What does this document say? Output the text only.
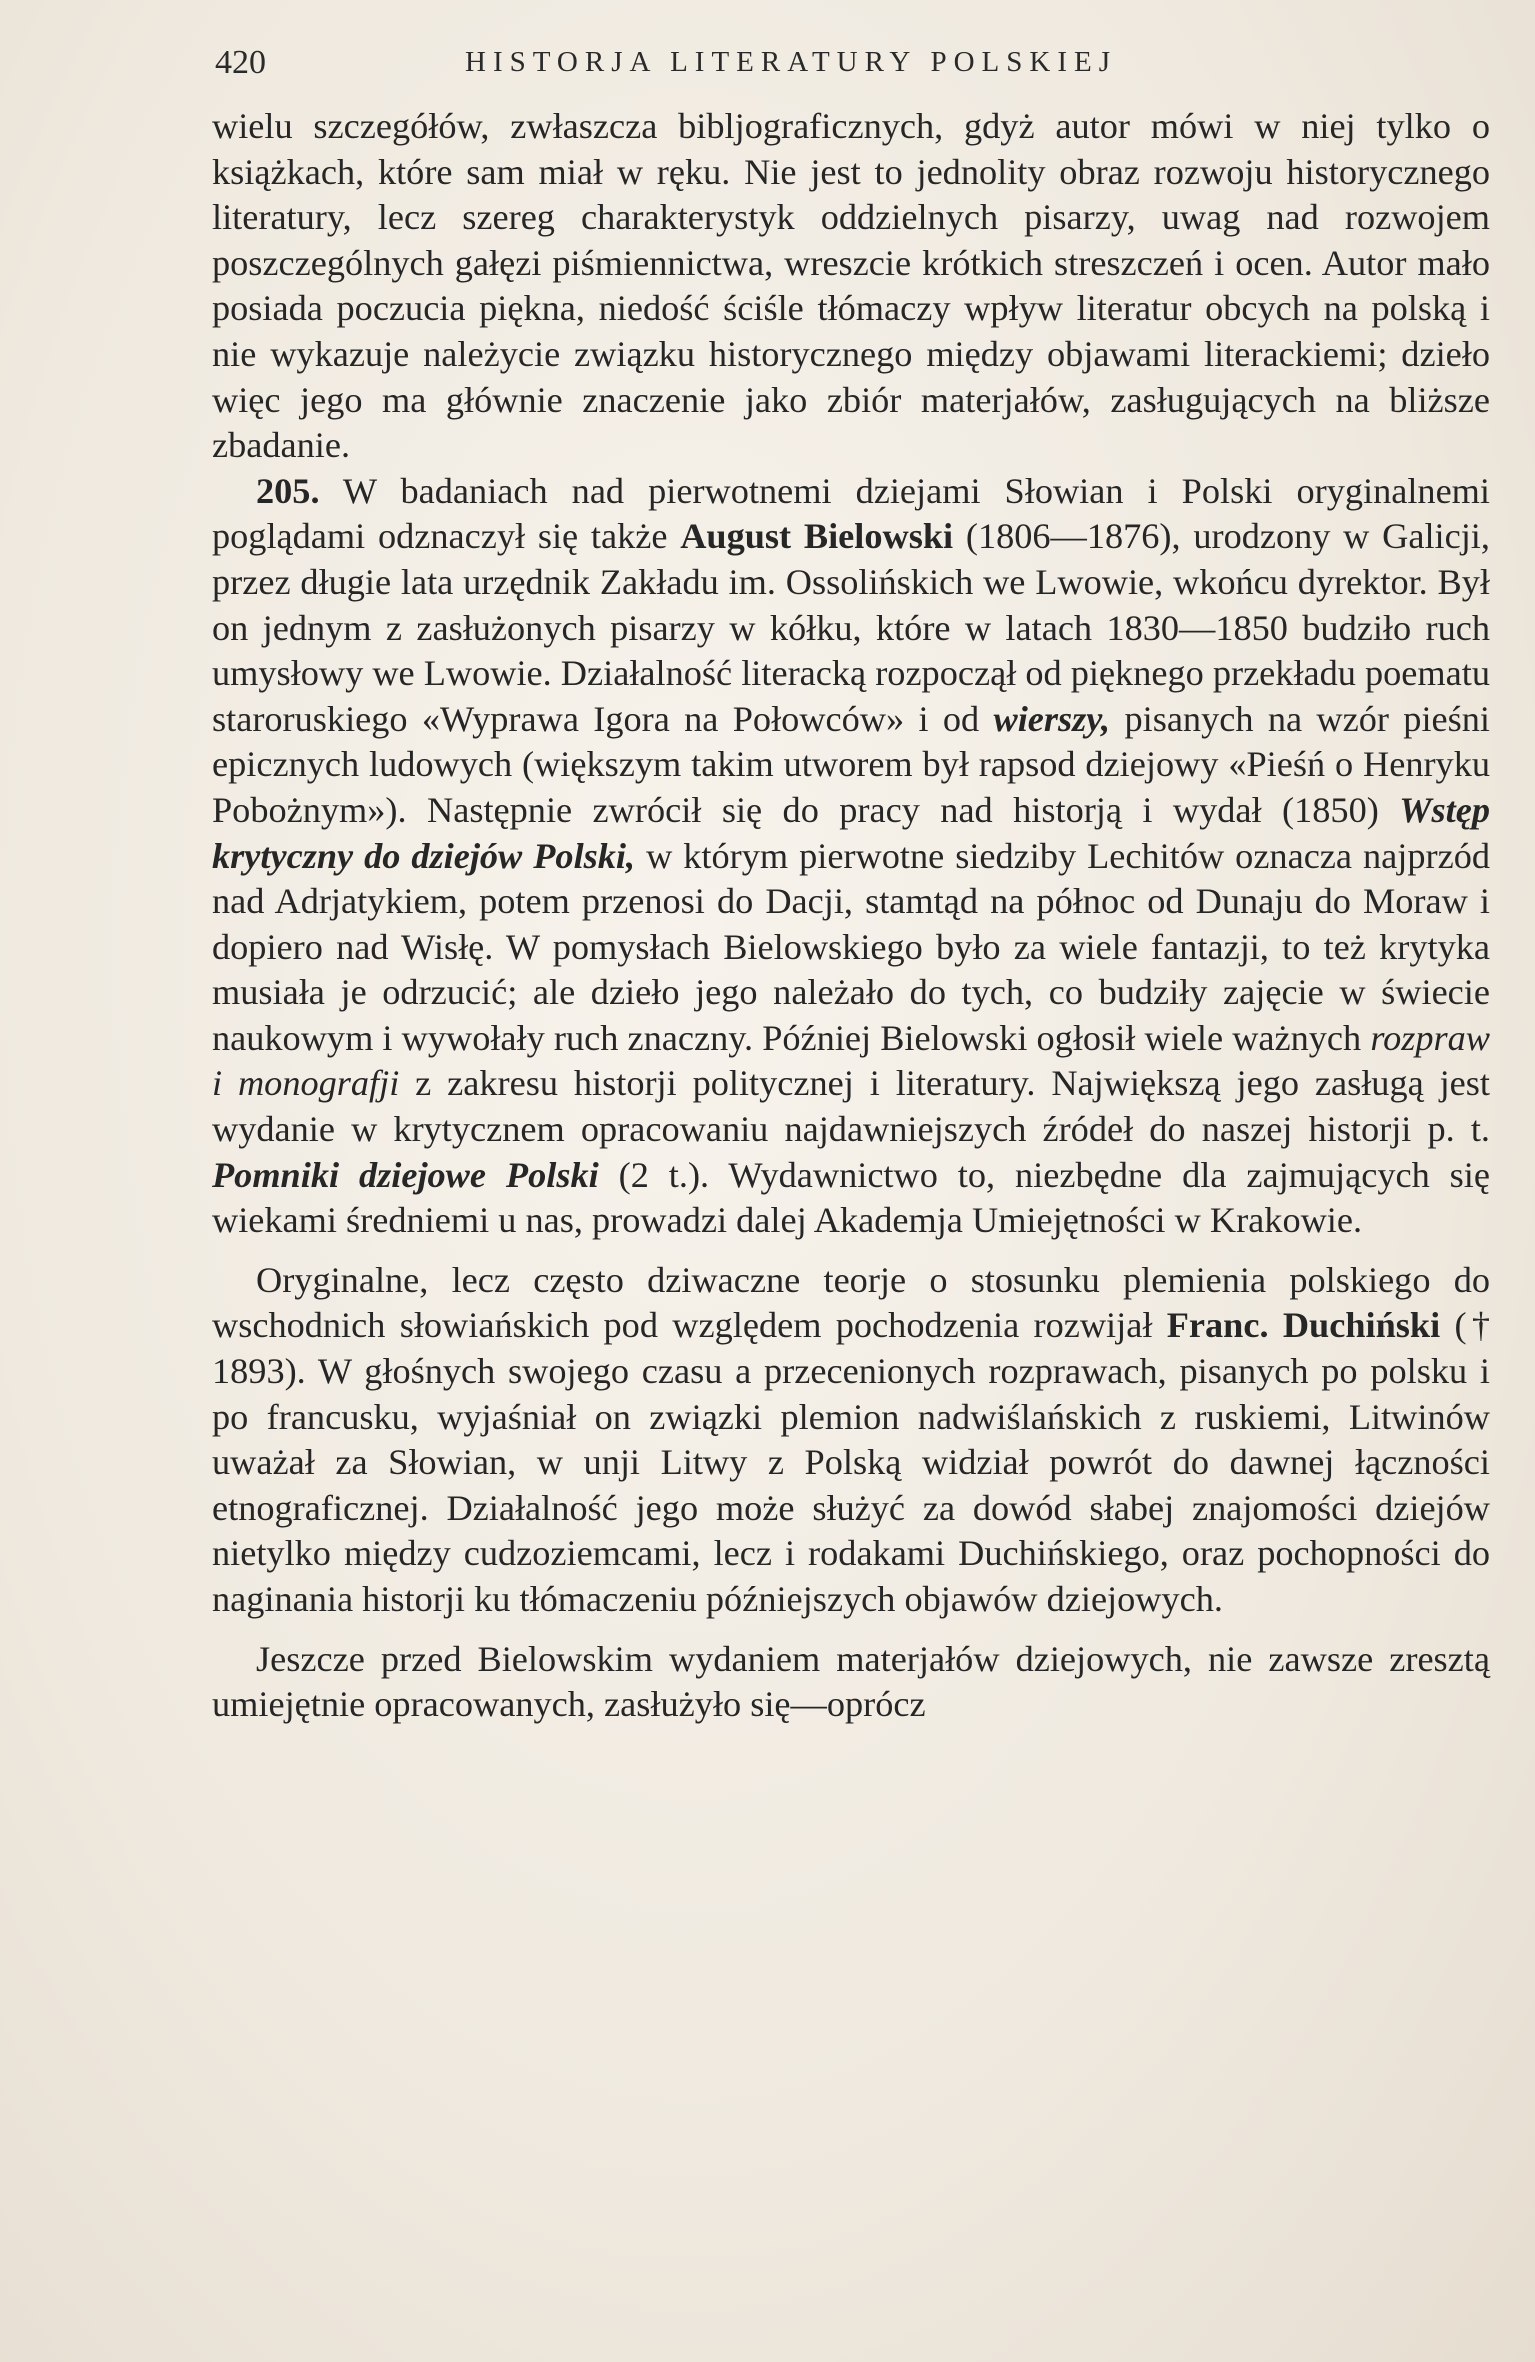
420	HISTORJA LITERATURY POLSKIEJ

wielu szczegółów, zwłaszcza bibljograficznych, gdyż autor mówi w niej tylko o książkach, które sam miał w ręku. Nie jest to jednolity obraz rozwoju historycznego literatury, lecz szereg charakterystyk oddzielnych pisarzy, uwag nad rozwojem poszczególnych gałęzi piśmiennictwa, wreszcie krótkich streszczeń i ocen. Autor mało posiada poczucia piękna, niedość ściśle tłómaczy wpływ literatur obcych na polską i nie wykazuje należycie związku historycznego między objawami literackiemi; dzieło więc jego ma głównie znaczenie jako zbiór materjałów, zasługujących na bliższe zbadanie.

205. W badaniach nad pierwotnemi dziejami Słowian i Polski oryginalnemi poglądami odznaczył się także August Bielowski (1806—1876), urodzony w Galicji, przez długie lata urzędnik Zakładu im. Ossolińskich we Lwowie, wkońcu dyrektor. Był on jednym z zasłużonych pisarzy w kółku, które w latach 1830—1850 budziło ruch umysłowy we Lwowie. Działalność literacką rozpoczął od pięknego przekładu poematu staroruskiego «Wyprawa Igora na Połowców» i od wierszy, pisanych na wzór pieśni epicznych ludowych (większym takim utworem był rapsod dziejowy «Pieśń o Henryku Pobożnym»). Następnie zwrócił się do pracy nad historją i wydał (1850) Wstęp krytyczny do dziejów Polski, w którym pierwotne siedziby Lechitów oznacza najprzód nad Adrjatykiem, potem przenosi do Dacji, stamtąd na północ od Dunaju do Moraw i dopiero nad Wisłę. W pomysłach Bielowskiego było za wiele fantazji, to też krytyka musiała je odrzucić; ale dzieło jego należało do tych, co budziły zajęcie w świecie naukowym i wywołały ruch znaczny. Później Bielowski ogłosił wiele ważnych rozpraw i monografji z zakresu historji politycznej i literatury. Największą jego zasługą jest wydanie w krytycznem opracowaniu najdawniejszych źródeł do naszej historji p. t. Pomniki dziejowe Polski (2 t.). Wydawnictwo to, niezbędne dla zajmujących się wiekami średniemi u nas, prowadzi dalej Akademja Umiejętności w Krakowie.

Oryginalne, lecz często dziwaczne teorje o stosunku plemienia polskiego do wschodnich słowiańskich pod względem pochodzenia rozwijał Franc. Duchiński († 1893). W głośnych swojego czasu a przecenionych rozprawach, pisanych po polsku i po francusku, wyjaśniał on związki plemion nadwiślańskich z ruskiemi, Litwinów uważał za Słowian, w unji Litwy z Polską widział powrót do dawnej łączności etnograficznej. Działalność jego może służyć za dowód słabej znajomości dziejów nietylko między cudzoziemcami, lecz i rodakami Duchińskiego, oraz pochopności do naginania historji ku tłómaczeniu późniejszych objawów dziejowych.

Jeszcze przed Bielowskim wydaniem materjałów dziejowych, nie zawsze zresztą umiejętnie opracowanych, zasłużyło się—oprócz
